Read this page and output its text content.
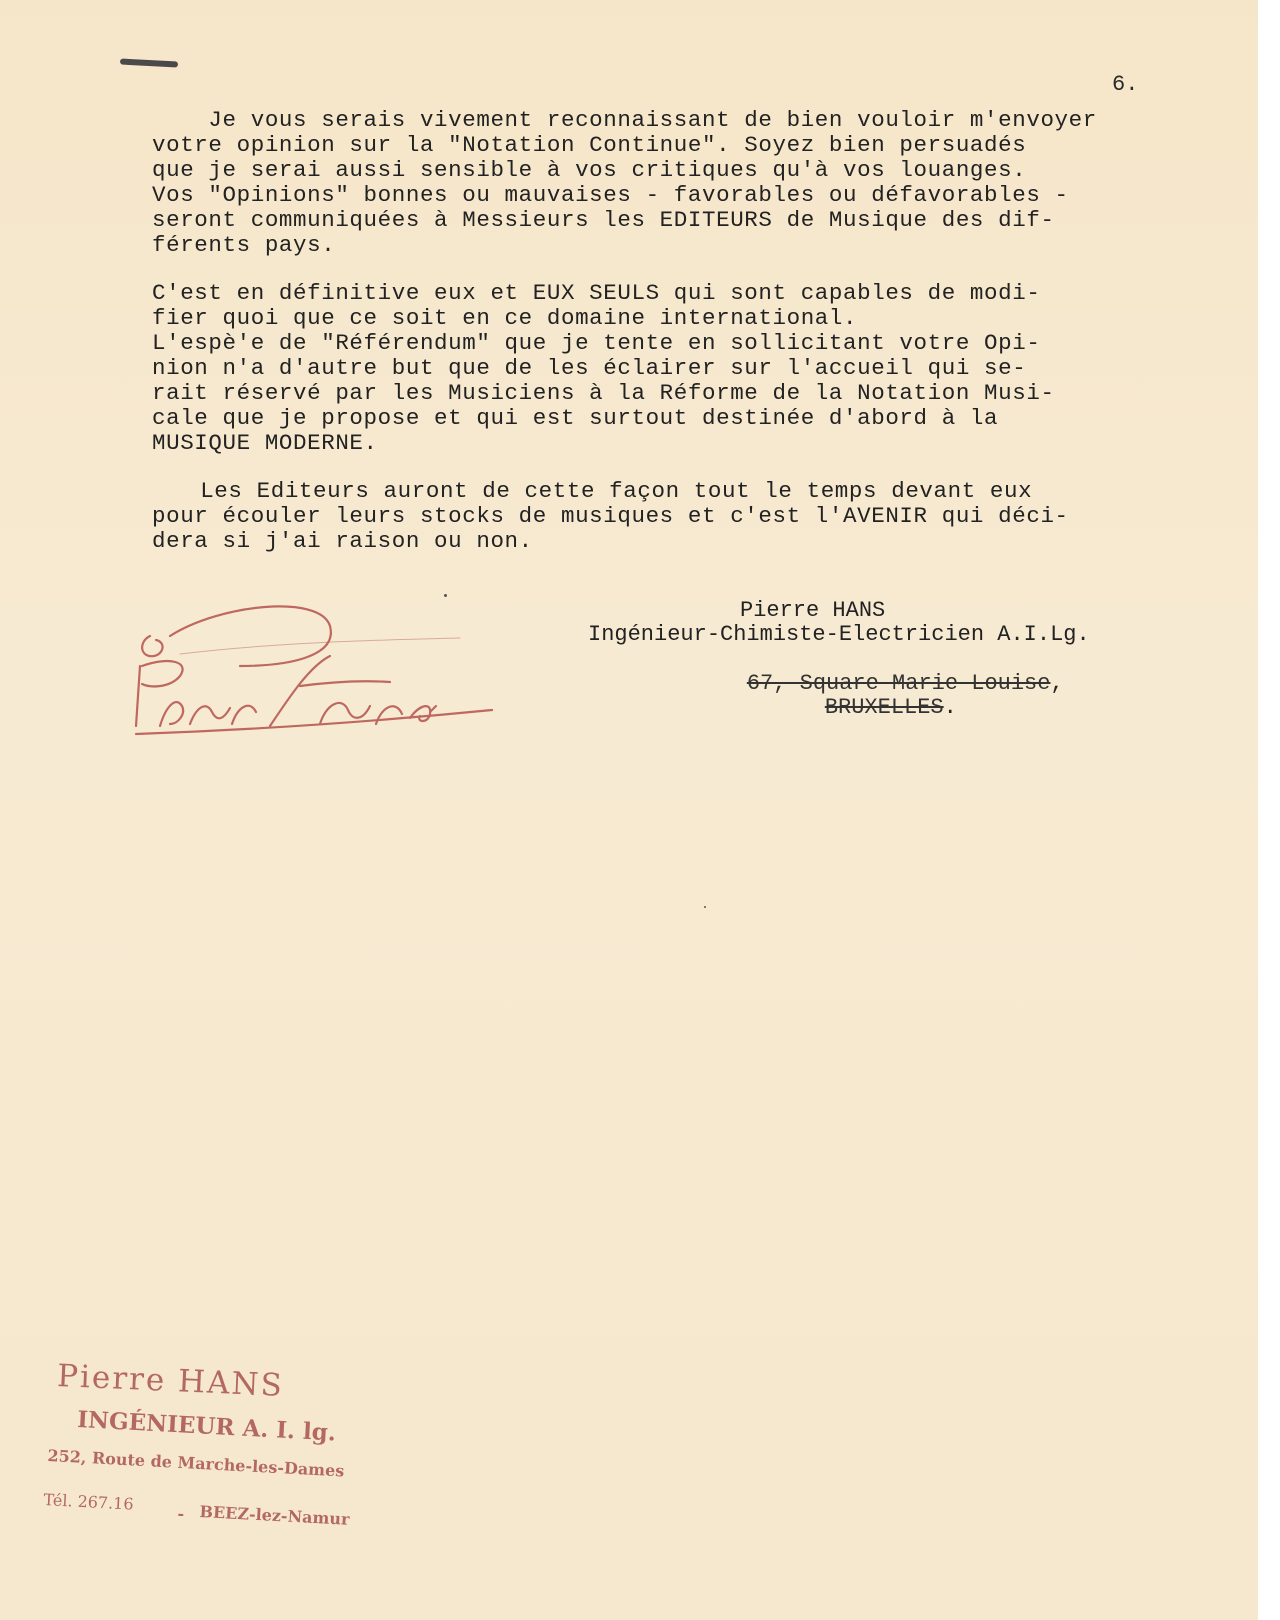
6.

Je vous serais vivement reconnaissant de bien vouloir m'envoyer

votre opinion sur la "Notation Continue". Soyez bien persuadés

que je serai aussi sensible à vos critiques qu'à vos louanges.

Vos "Opinions" bonnes ou mauvaises - favorables ou défavorables -

seront communiquées à Messieurs les EDITEURS de Musique des dif-

férents pays.

C'est en définitive eux et EUX SEULS qui sont capables de modi-

fier quoi que ce soit en ce domaine international.

L'espè'e de "Référendum" que je tente en sollicitant votre Opi-

nion n'a d'autre but que de les éclairer sur l'accueil qui se-

rait réservé par les Musiciens à la Réforme de la Notation Musi-

cale que je propose et qui est surtout destinée d'abord à la

MUSIQUE MODERNE.

Les Editeurs auront de cette façon tout le temps devant eux

pour écouler leurs stocks de musiques et c'est l'AVENIR qui déci-

dera si j'ai raison ou non.

Pierre HANS
Ingénieur-Chimiste-Electricien A.I.Lg.

67, Square Marie-Louise,

BRUXELLES.

Pierre HANS
INGÉNIEUR A. I. lg.
252, Route de Marche-les-Dames
Tél. 267.16	- BEEZ-lez-Namur
